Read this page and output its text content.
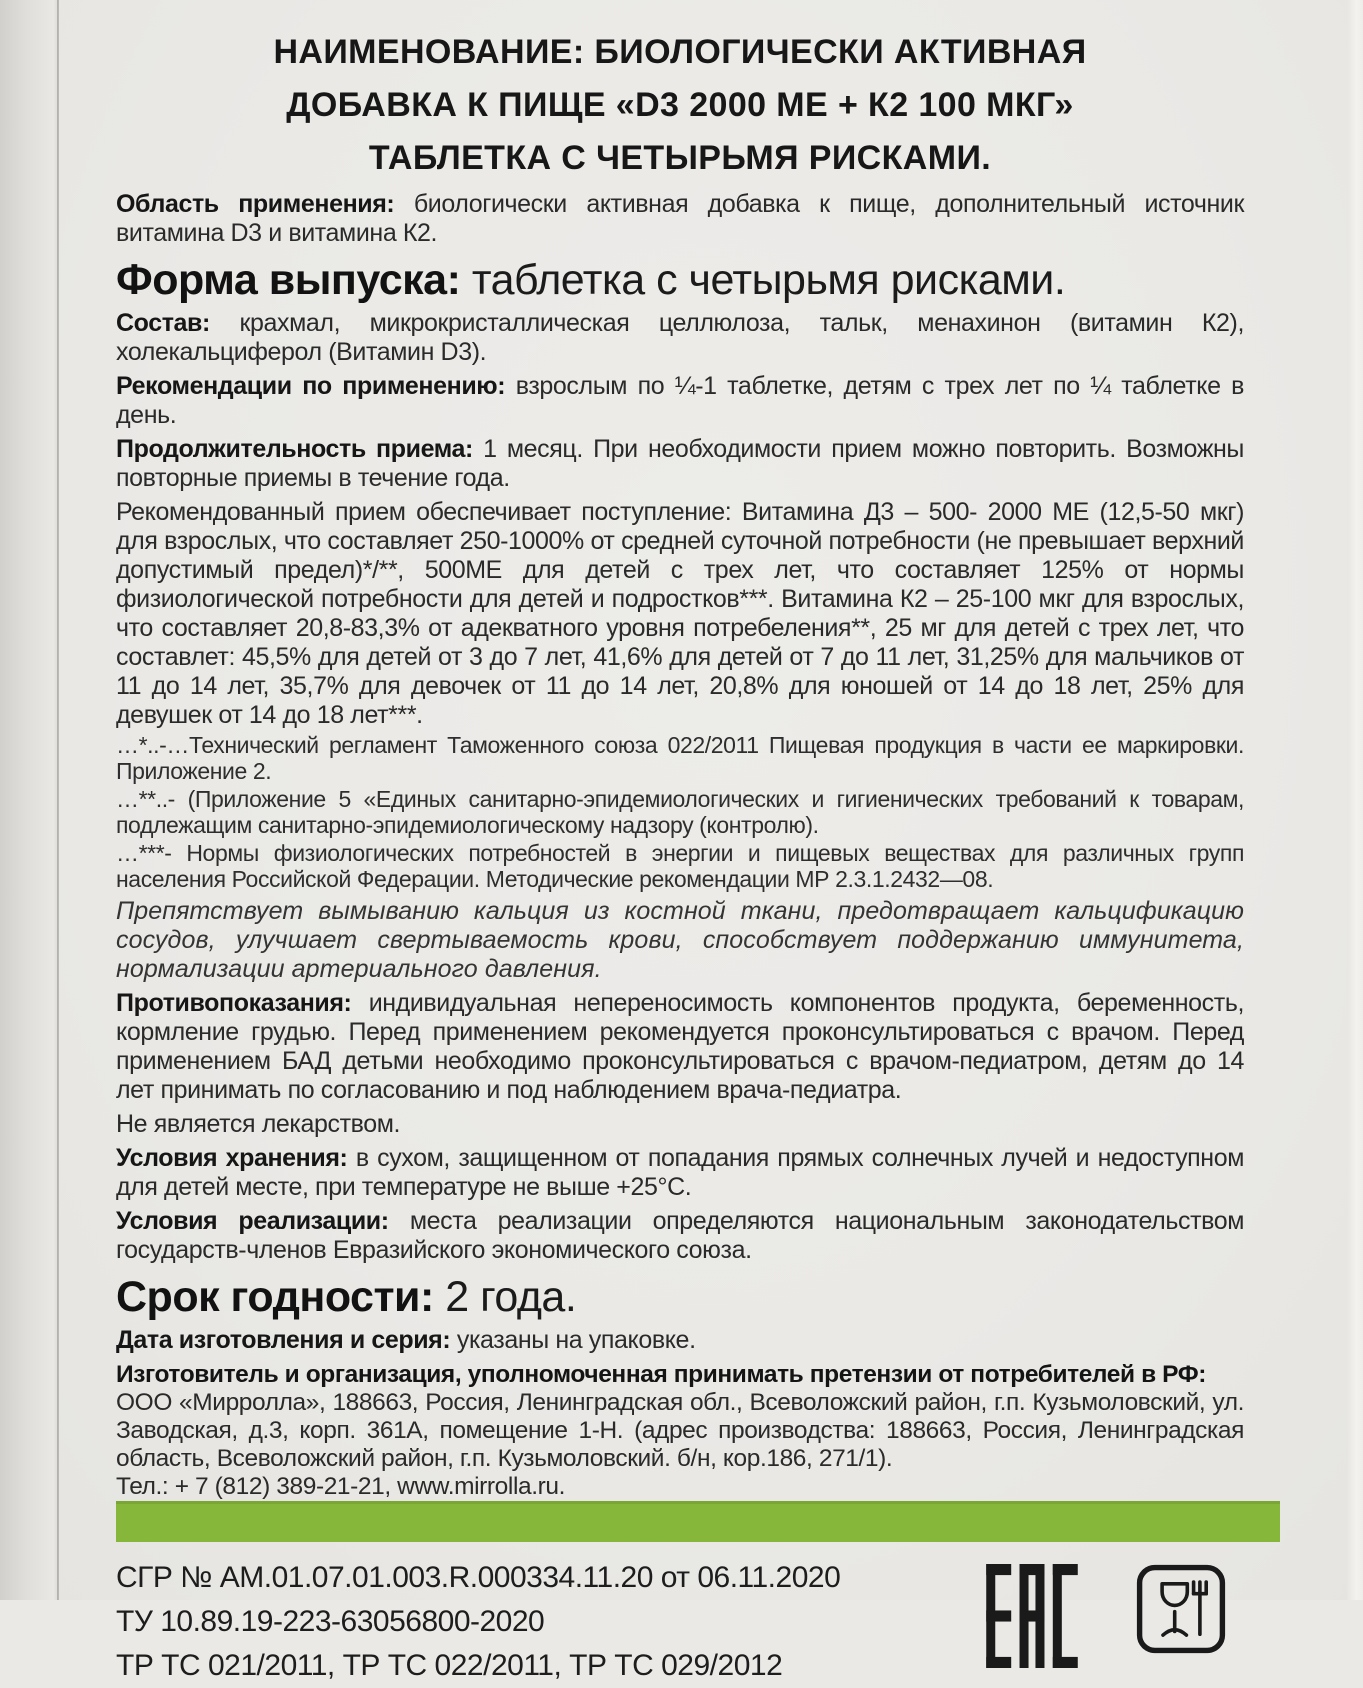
НАИМЕНОВАНИЕ: БИОЛОГИЧЕСКИ АКТИВНАЯ
ДОБАВКА К ПИЩЕ «D3 2000 МЕ + К2 100 МКГ»
ТАБЛЕТКА С ЧЕТЫРЬМЯ РИСКАМИ.

Область применения: биологически активная добавка к пище, дополнительный источник витамина D3 и витамина К2.

Форма выпуска: таблетка с четырьмя рисками.

Состав: крахмал, микрокристаллическая целлюлоза, тальк, менахинон (витамин К2), холекальциферол (Витамин D3).

Рекомендации по применению: взрослым по ¼-1 таблетке, детям с трех лет по ¼ таблетке в день.

Продолжительность приема: 1 месяц. При необходимости прием можно повторить. Возможны повторные приемы в течение года.

Рекомендованный прием обеспечивает поступление: Витамина Д3 – 500- 2000 МЕ (12,5-50 мкг) для взрослых, что составляет 250-1000% от средней суточной потребности (не превышает верхний допустимый предел)*/**, 500МЕ для детей с трех лет, что составляет 125% от нормы физиологической потребности для детей и подростков***. Витамина К2 – 25-100 мкг для взрослых, что составляет 20,8-83,3% от адекватного уровня потребеления**, 25 мг для детей с трех лет, что составлет: 45,5% для детей от 3 до 7 лет, 41,6% для детей от 7 до 11 лет, 31,25% для мальчиков от 11 до 14 лет, 35,7% для девочек от 11 до 14 лет, 20,8% для юношей от 14 до 18 лет, 25% для девушек от 14 до 18 лет***.

…*..-…Технический регламент Таможенного союза 022/2011 Пищевая продукция в части ее маркировки. Приложение 2.

…**..- (Приложение 5 «Единых санитарно-эпидемиологических и гигиенических требований к товарам, подлежащим санитарно-эпидемиологическому надзору (контролю).

…***- Нормы физиологических потребностей в энергии и пищевых веществах для различных групп населения Российской Федерации. Методические рекомендации МР 2.3.1.2432—08.

Препятствует вымыванию кальция из костной ткани, предотвращает кальцификацию сосудов, улучшает свертываемость крови, способствует поддержанию иммунитета, нормализации артериального давления.

Противопоказания: индивидуальная непереносимость компонентов продукта, беременность, кормление грудью. Перед применением рекомендуется проконсультироваться с врачом. Перед применением БАД детьми необходимо проконсультироваться с врачом-педиатром, детям до 14 лет принимать по согласованию и под наблюдением врача-педиатра.

Не является лекарством.

Условия хранения: в сухом, защищенном от попадания прямых солнечных лучей и недоступном для детей месте, при температуре не выше +25°С.

Условия реализации: места реализации определяются национальным законодательством государств-членов Евразийского экономического союза.

Срок годности: 2 года.

Дата изготовления и серия: указаны на упаковке.

Изготовитель и организация, уполномоченная принимать претензии от потребителей в РФ:

ООО «Мирролла», 188663, Россия, Ленинградская обл., Всеволожский район, г.п. Кузьмоловский, ул. Заводская, д.3, корп. 361А, помещение 1-Н. (адрес производства: 188663, Россия, Ленинградская область, Всеволожский район, г.п. Кузьмоловский. б/н, кор.186, 271/1).

Тел.: + 7 (812) 389-21-21, www.mirrolla.ru.

СГР № АМ.01.07.01.003.R.000334.11.20 от 06.11.2020
ТУ 10.89.19-223-63056800-2020
ТР ТС 021/2011, ТР ТС 022/2011, ТР ТС 029/2012
